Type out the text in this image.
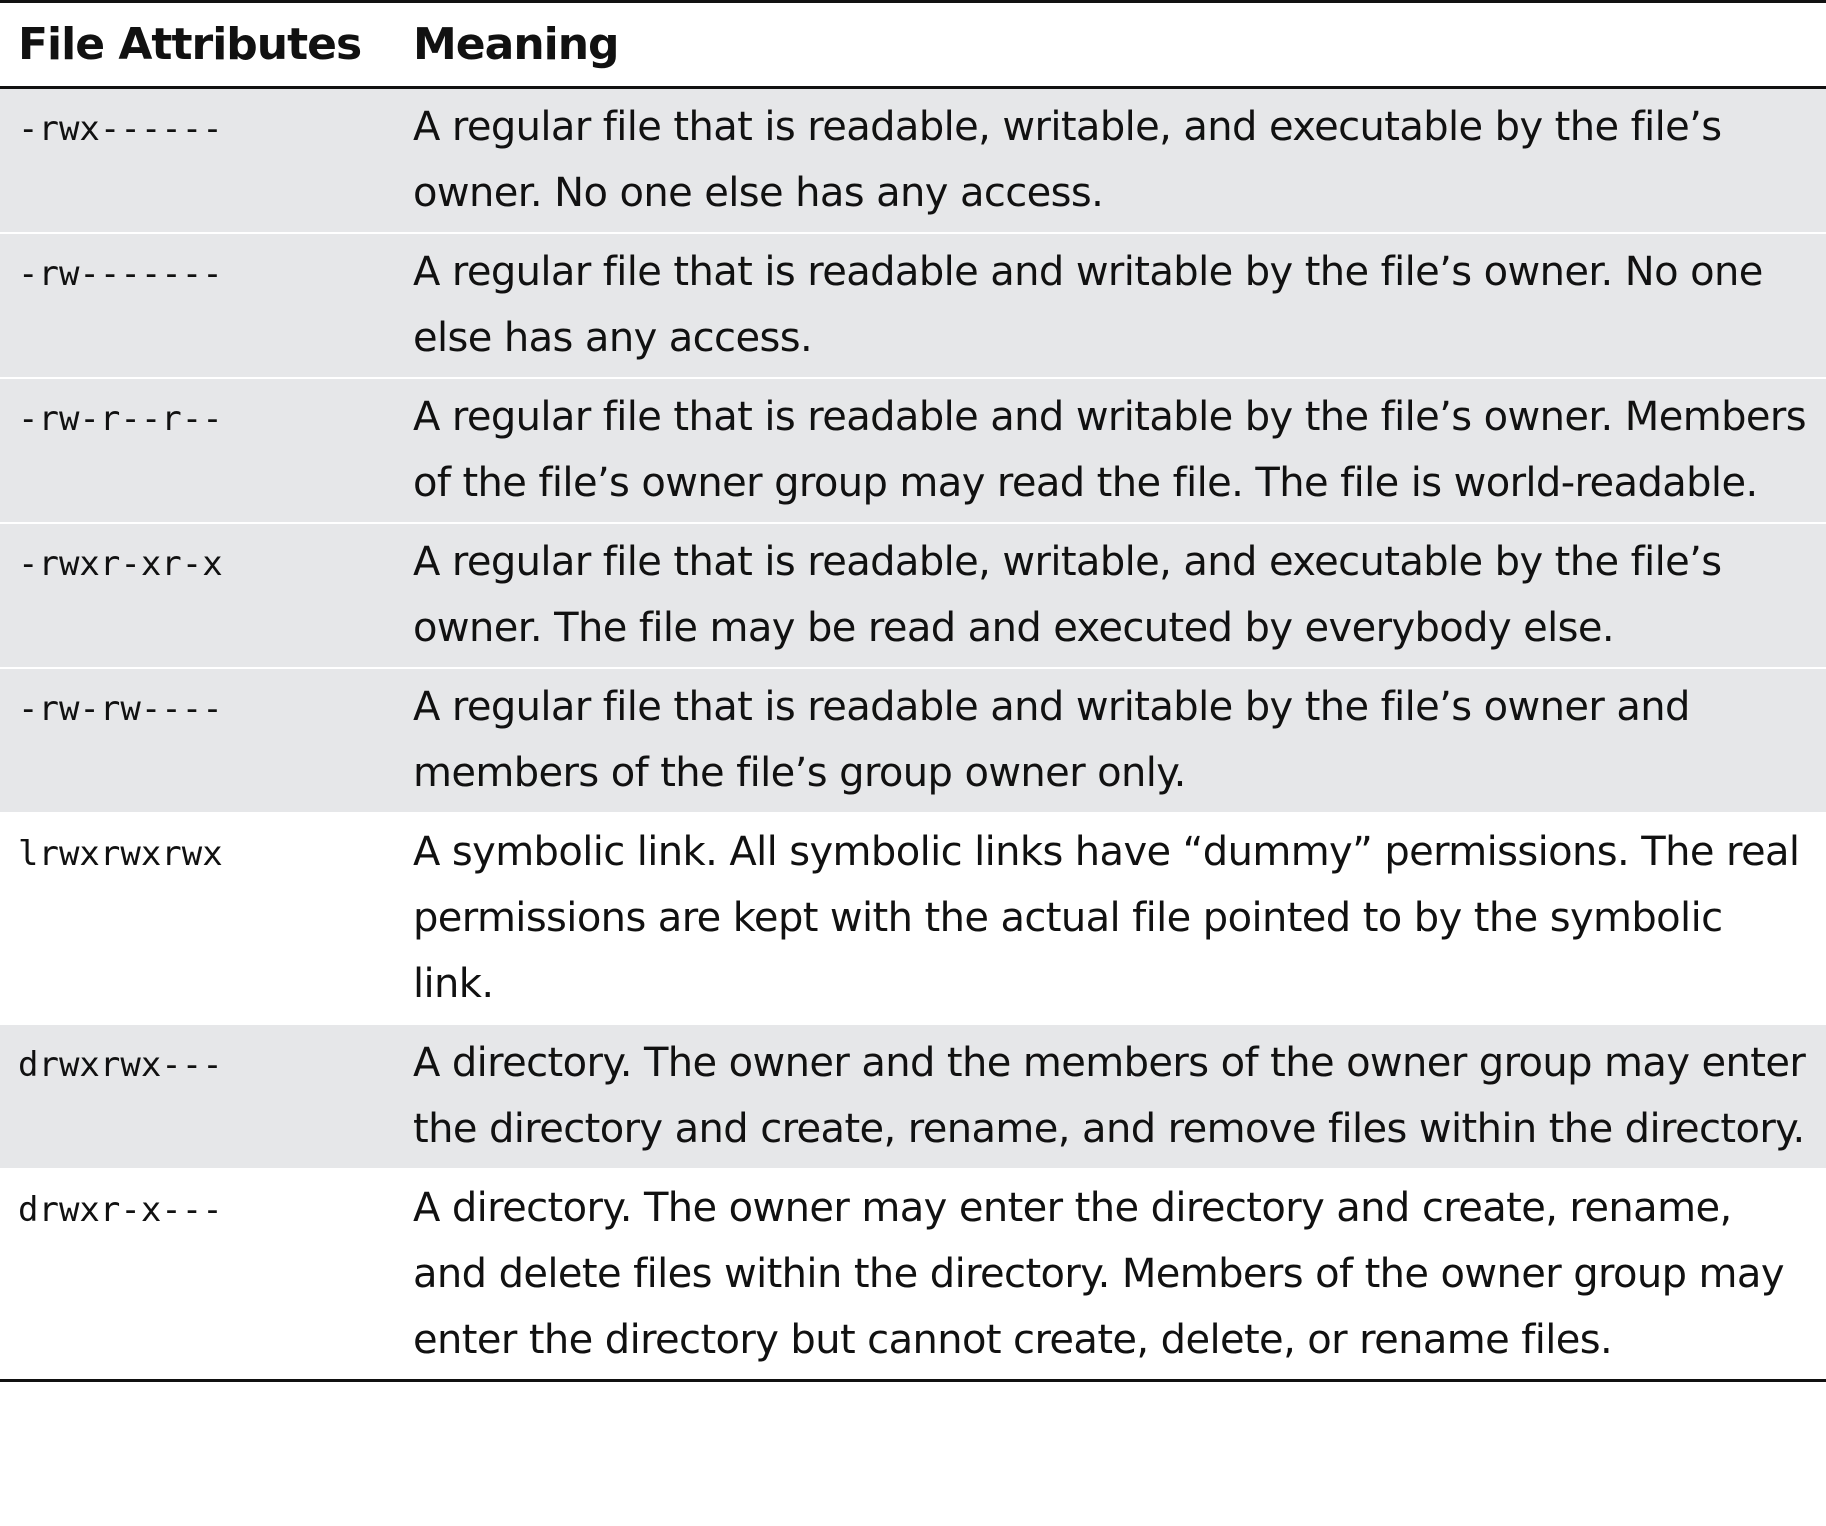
File Attributes	Meaning
-rwx------	A regular file that is readable, writable, and executable by the file’s owner. No one else has any access.
-rw-------	A regular file that is readable and writable by the file’s owner. No one else has any access.
-rw-r--r--	A regular file that is readable and writable by the file’s owner. Members of the file’s owner group may read the file. The file is world-readable.
-rwxr-xr-x	A regular file that is readable, writable, and executable by the file’s owner. The file may be read and executed by everybody else.
-rw-rw----	A regular file that is readable and writable by the file’s owner and members of the file’s group owner only.
lrwxrwxrwx	A symbolic link. All symbolic links have “dummy” permissions. The real permissions are kept with the actual file pointed to by the symbolic link.
drwxrwx---	A directory. The owner and the members of the owner group may enter the directory and create, rename, and remove files within the directory.
drwxr-x---	A directory. The owner may enter the directory and create, rename, and delete files within the directory. Members of the owner group may enter the directory but cannot create, delete, or rename files.
